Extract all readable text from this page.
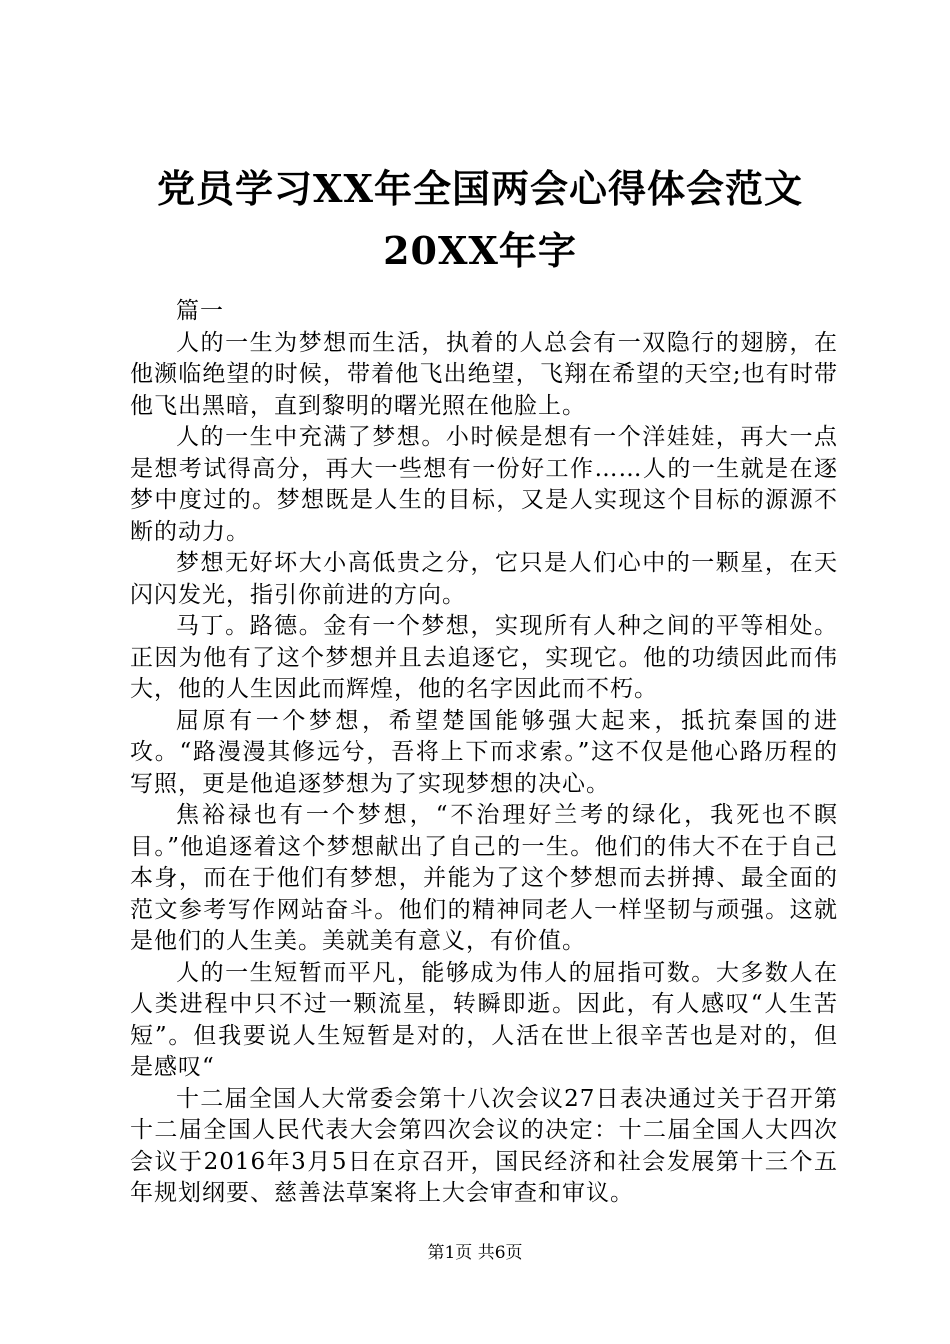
党员学习XX年全国两会心得体会范文20XX年字

篇一

人的一生为梦想而生活，执着的人总会有一双隐行的翅膀，在他濒临绝望的时候，带着他飞出绝望，飞翔在希望的天空;也有时带他飞出黑暗，直到黎明的曙光照在他脸上。

人的一生中充满了梦想。小时候是想有一个洋娃娃，再大一点是想考试得高分，再大一些想有一份好工作……人的一生就是在逐梦中度过的。梦想既是人生的目标，又是人实现这个目标的源源不断的动力。

梦想无好坏大小高低贵之分，它只是人们心中的一颗星，在天闪闪发光，指引你前进的方向。

马丁。路德。金有一个梦想，实现所有人种之间的平等相处。正因为他有了这个梦想并且去追逐它，实现它。他的功绩因此而伟大，他的人生因此而辉煌，他的名字因此而不朽。

屈原有一个梦想，希望楚国能够强大起来，抵抗秦国的进攻。“路漫漫其修远兮，吾将上下而求索。”这不仅是他心路历程的写照，更是他追逐梦想为了实现梦想的决心。

焦裕禄也有一个梦想，“不治理好兰考的绿化，我死也不瞑目。”他追逐着这个梦想献出了自己的一生。他们的伟大不在于自己本身，而在于他们有梦想，并能为了这个梦想而去拼搏、最全面的范文参考写作网站奋斗。他们的精神同老人一样坚韧与顽强。这就是他们的人生美。美就美有意义，有价值。

人的一生短暂而平凡，能够成为伟人的屈指可数。大多数人在人类进程中只不过一颗流星，转瞬即逝。因此，有人感叹“人生苦短”。但我要说人生短暂是对的，人活在世上很辛苦也是对的，但是感叹“

十二届全国人大常委会第十八次会议27日表决通过关于召开第十二届全国人民代表大会第四次会议的决定：十二届全国人大四次会议于2016年3月5日在京召开，国民经济和社会发展第十三个五年规划纲要、慈善法草案将上大会审查和审议。

第1页 共6页
